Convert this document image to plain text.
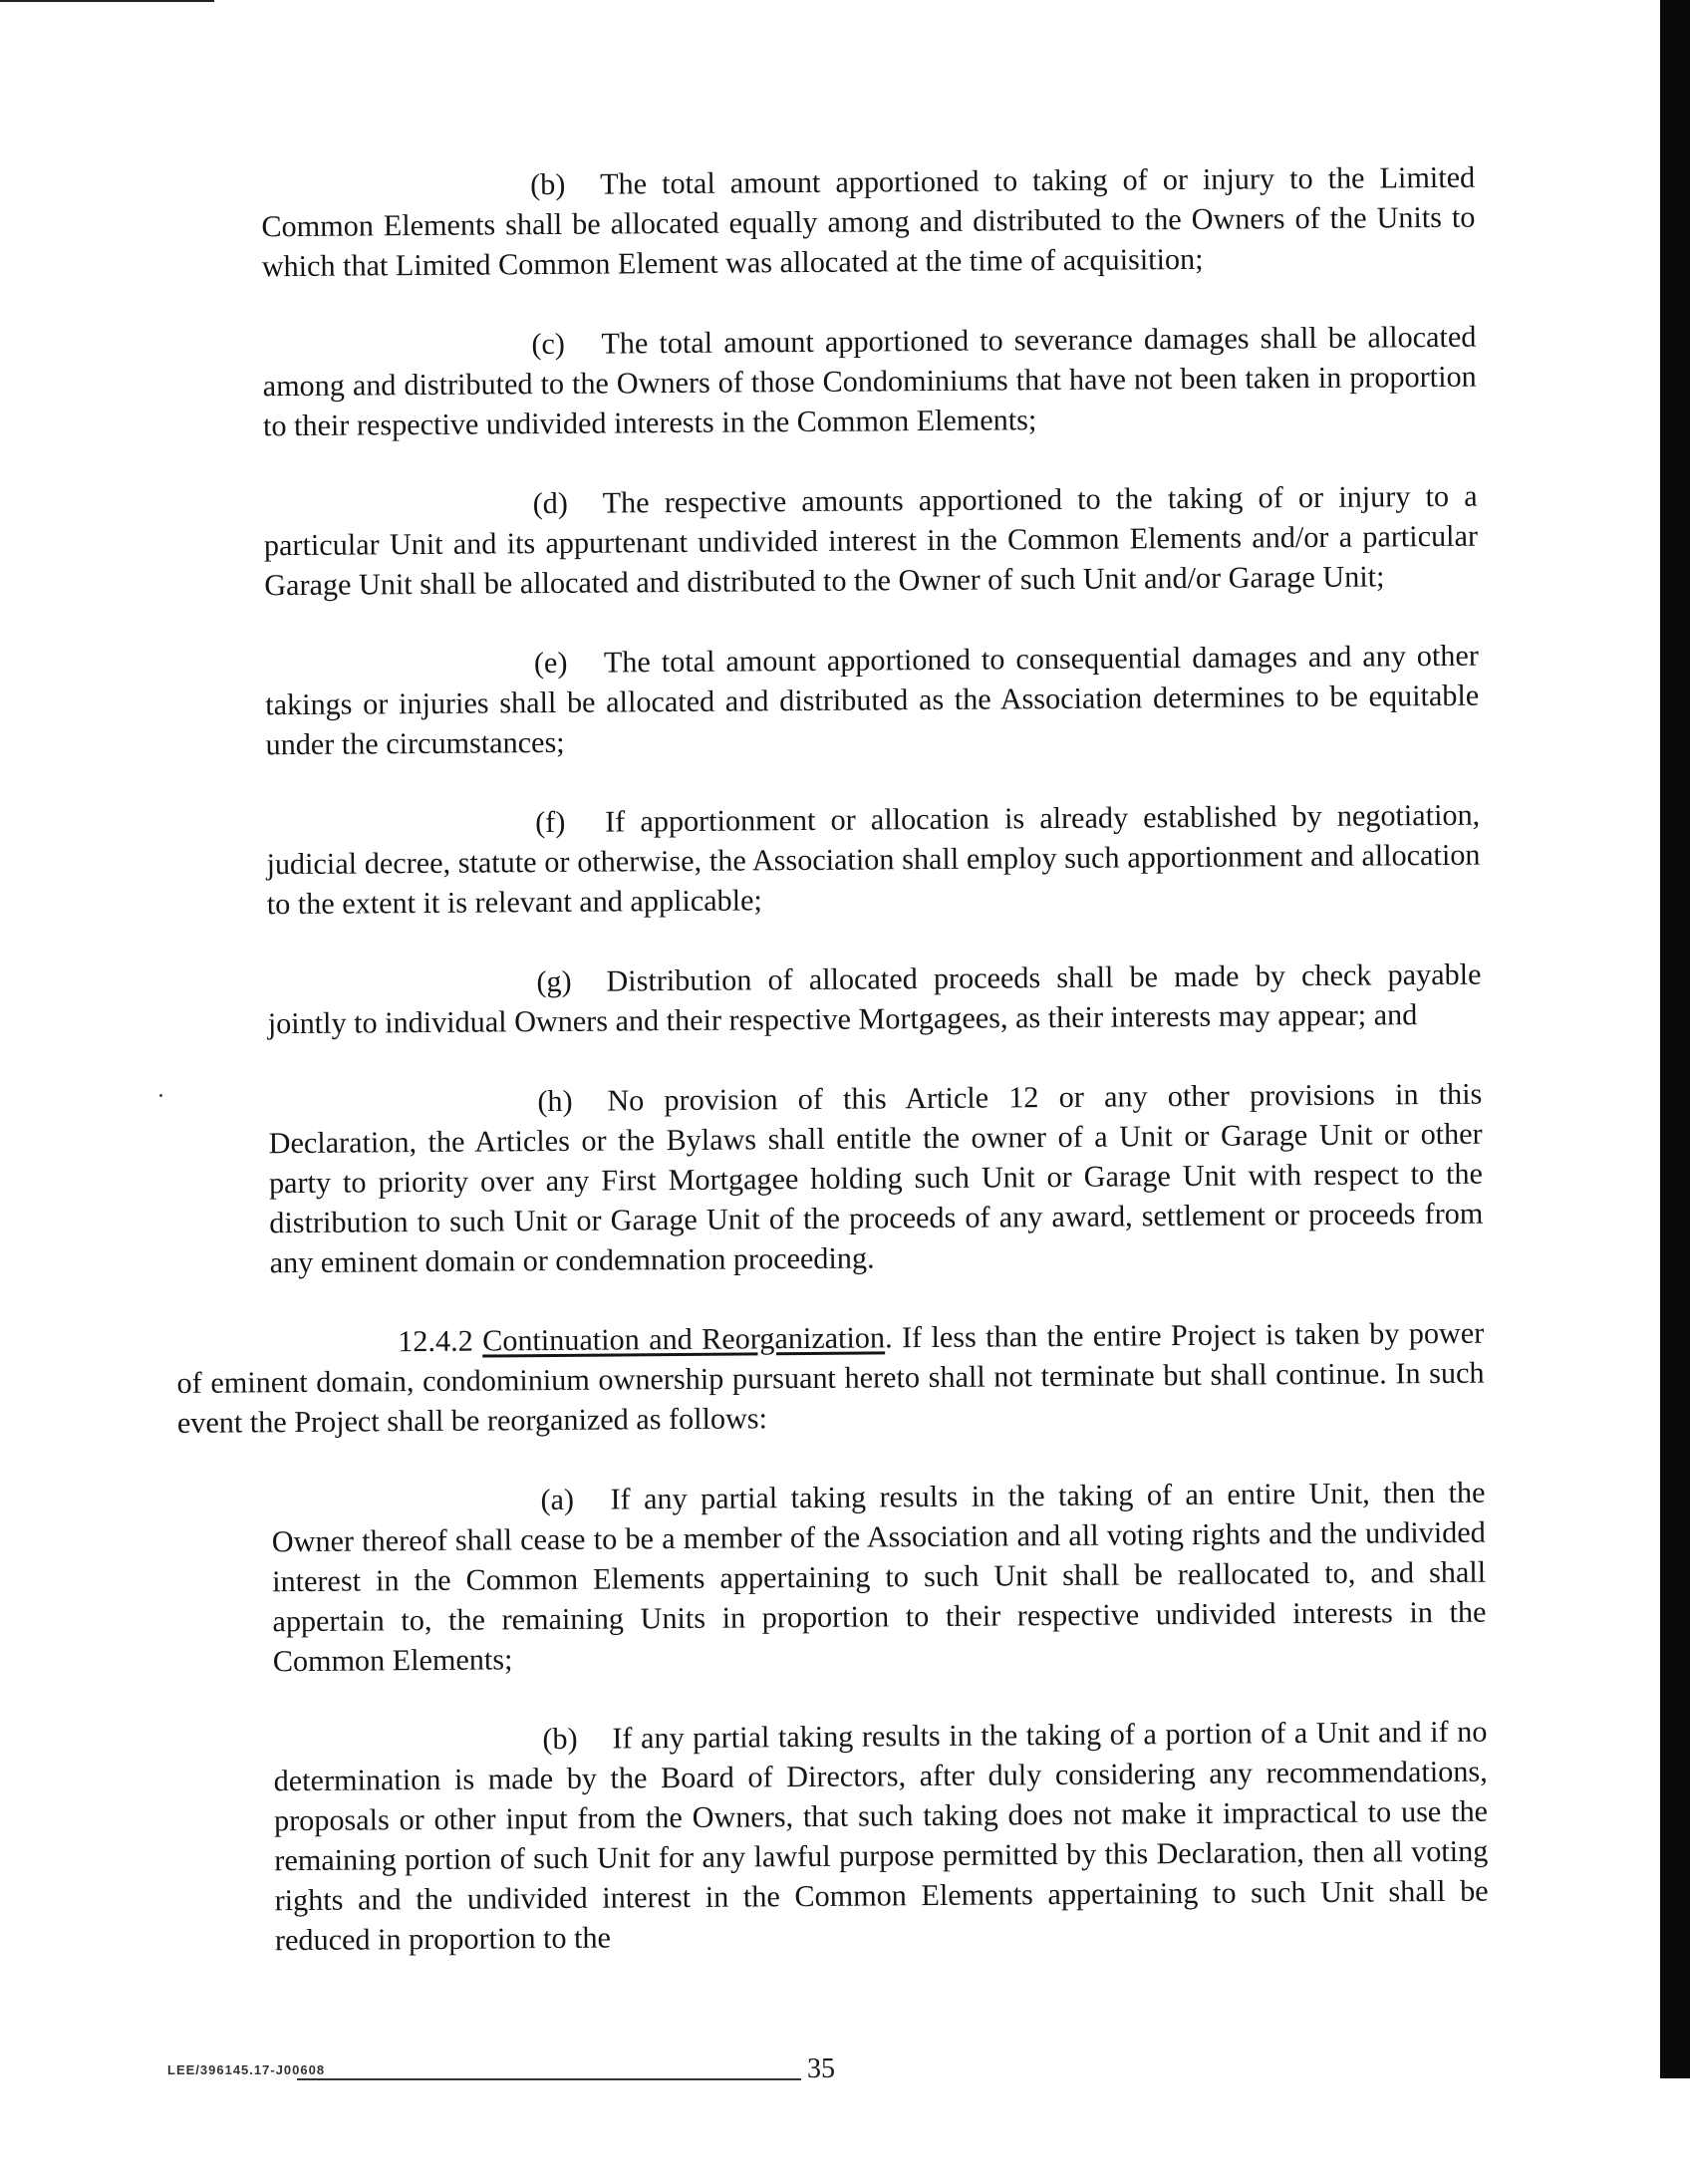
(b) The total amount apportioned to taking of or injury to the Limited Common Elements shall be allocated equally among and distributed to the Owners of the Units to which that Limited Common Element was allocated at the time of acquisition;

(c) The total amount apportioned to severance damages shall be allocated among and distributed to the Owners of those Condominiums that have not been taken in proportion to their respective undivided interests in the Common Elements;

(d) The respective amounts apportioned to the taking of or injury to a particular Unit and its appurtenant undivided interest in the Common Elements and/or a particular Garage Unit shall be allocated and distributed to the Owner of such Unit and/or Garage Unit;

(e) The total amount apportioned to consequential damages and any other takings or injuries shall be allocated and distributed as the Association determines to be equitable under the circumstances;

(f) If apportionment or allocation is already established by negotiation, judicial decree, statute or otherwise, the Association shall employ such apportionment and allocation to the extent it is relevant and applicable;

(g) Distribution of allocated proceeds shall be made by check payable jointly to individual Owners and their respective Mortgagees, as their interests may appear; and

(h) No provision of this Article 12 or any other provisions in this Declaration, the Articles or the Bylaws shall entitle the owner of a Unit or Garage Unit or other party to priority over any First Mortgagee holding such Unit or Garage Unit with respect to the distribution to such Unit or Garage Unit of the proceeds of any award, settlement or proceeds from any eminent domain or condemnation proceeding.

12.4.2 Continuation and Reorganization. If less than the entire Project is taken by power of eminent domain, condominium ownership pursuant hereto shall not terminate but shall continue. In such event the Project shall be reorganized as follows:

(a) If any partial taking results in the taking of an entire Unit, then the Owner thereof shall cease to be a member of the Association and all voting rights and the undivided interest in the Common Elements appertaining to such Unit shall be reallocated to, and shall appertain to, the remaining Units in proportion to their respective undivided interests in the Common Elements;

(b) If any partial taking results in the taking of a portion of a Unit and if no determination is made by the Board of Directors, after duly considering any recommendations, proposals or other input from the Owners, that such taking does not make it impractical to use the remaining portion of such Unit for any lawful purpose permitted by this Declaration, then all voting rights and the undivided interest in the Common Elements appertaining to such Unit shall be reduced in proportion to the

LEE/396145.17-J00608	35
